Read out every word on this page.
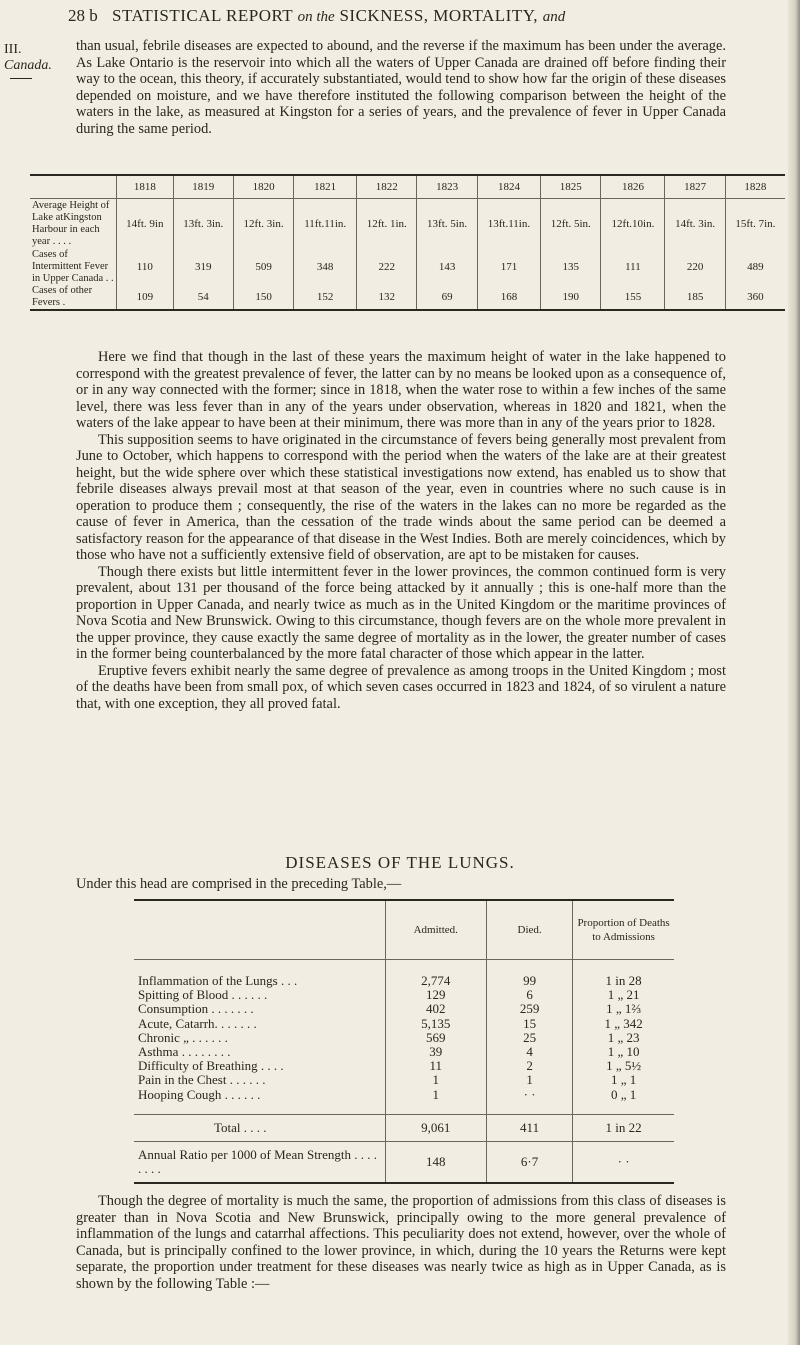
28 b STATISTICAL REPORT on the SICKNESS, MORTALITY, and
III.
Canada.

than usual, febrile diseases are expected to abound, and the reverse if the maximum has been under the average. As Lake Ontario is the reservoir into which all the waters of Upper Canada are drained off before finding their way to the ocean, this theory, if accurately substantiated, would tend to show how far the origin of these diseases depended on moisture, and we have therefore instituted the following comparison between the height of the waters in the lake, as measured at Kingston for a series of years, and the prevalence of fever in Upper Canada during the same period.

	1818	1819	1820	1821	1822	1823	1824	1825	1826	1827	1828
Average Height of Lake atKingston Harbour in each year . . . .	14ft. 9in	13ft. 3in.	12ft. 3in.	11ft.11in.	12ft. 1in.	13ft. 5in.	13ft.11in.	12ft. 5in.	12ft.10in.	14ft. 3in.	15ft. 7in.
Cases of Intermittent Fever in Upper Canada . .	110	319	509	348	222	143	171	135	111	220	489
Cases of other Fevers .	109	54	150	152	132	69	168	190	155	185	360

Here we find that though in the last of these years the maximum height of water in the lake happened to correspond with the greatest prevalence of fever, the latter can by no means be looked upon as a consequence of, or in any way connected with the former; since in 1818, when the water rose to within a few inches of the same level, there was less fever than in any of the years under observation, whereas in 1820 and 1821, when the waters of the lake appear to have been at their minimum, there was more than in any of the years prior to 1828.

This supposition seems to have originated in the circumstance of fevers being generally most prevalent from June to October, which happens to correspond with the period when the waters of the lake are at their greatest height, but the wide sphere over which these statistical investigations now extend, has enabled us to show that febrile diseases always prevail most at that season of the year, even in countries where no such cause is in operation to produce them ; consequently, the rise of the waters in the lakes can no more be regarded as the cause of fever in America, than the cessation of the trade winds about the same period can be deemed a satisfactory reason for the appearance of that disease in the West Indies. Both are merely coincidences, which by those who have not a sufficiently extensive field of observation, are apt to be mistaken for causes.

Though there exists but little intermittent fever in the lower provinces, the common continued form is very prevalent, about 131 per thousand of the force being attacked by it annually ; this is one-half more than the proportion in Upper Canada, and nearly twice as much as in the United Kingdom or the maritime provinces of Nova Scotia and New Brunswick. Owing to this circumstance, though fevers are on the whole more prevalent in the upper province, they cause exactly the same degree of mortality as in the lower, the greater number of cases in the former being counterbalanced by the more fatal character of those which appear in the latter.

Eruptive fevers exhibit nearly the same degree of prevalence as among troops in the United Kingdom ; most of the deaths have been from small pox, of which seven cases occurred in 1823 and 1824, of so virulent a nature that, with one exception, they all proved fatal.

DISEASES OF THE LUNGS.
Under this head are comprised in the preceding Table,—
	Admitted.	Died.	Proportion of Deaths to Admissions
Inflammation of the Lungs . . .	2,774	99	1 in 28
Spitting of Blood . . . . . .	129	6	1 „ 21
Consumption . . . . . . .	402	259	1 „ 1⅔
Acute, Catarrh. . . . . . .	5,135	15	1 „ 342
Chronic „ . . . . . .	569	25	1 „ 23
Asthma . . . . . . . .	39	4	1 „ 10
Difficulty of Breathing . . . .	11	2	1 „ 5½
Pain in the Chest . . . . . .	1	1	1 „ 1
Hooping Cough . . . . . .	1	· ·	0 „ 1
Total . . . .	9,061	411	1 in 22
Annual Ratio per 1000 of Mean Strength . . . . . . . .	148	6·7	· ·

Though the degree of mortality is much the same, the proportion of admissions from this class of diseases is greater than in Nova Scotia and New Brunswick, principally owing to the more general prevalence of inflammation of the lungs and catarrhal affections. This peculiarity does not extend, however, over the whole of Canada, but is principally confined to the lower province, in which, during the 10 years the Returns were kept separate, the proportion under treatment for these diseases was nearly twice as high as in Upper Canada, as is shown by the following Table :—
